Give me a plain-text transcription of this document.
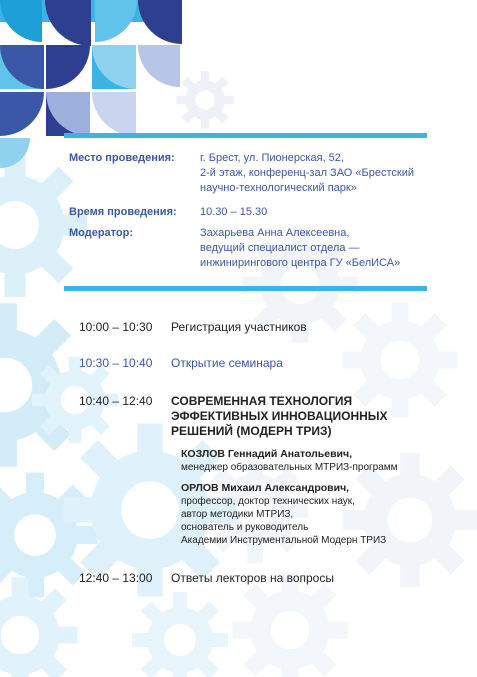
Место проведения:	г. Брест, ул. Пионерская, 52,
2-й этаж, конференц-зал ЗАО «Брестский научно-технологический парк»
Время проведения:	10.30 – 15.30
Модератор:	Захарьева Анна Алексеевна,
ведущий специалист отдела —
инжинирингового центра ГУ «БелИСА»
10:00 – 10:30	Регистрация участников
10:30 – 10:40	Открытие семинара
10:40 – 12:40	СОВРЕМЕННАЯ ТЕХНОЛОГИЯ
ЭФФЕКТИВНЫХ ИННОВАЦИОННЫХ
РЕШЕНИЙ (МОДЕРН ТРИЗ)
КОЗЛОВ Геннадий Анатольевич,
менеджер образовательных МТРИЗ-программ
ОРЛОВ Михаил Александрович,
профессор, доктор технических наук,
автор методики МТРИЗ,
основатель и руководитель
Академии Инструментальной Модерн ТРИЗ
12:40 – 13:00	Ответы лекторов на вопросы
